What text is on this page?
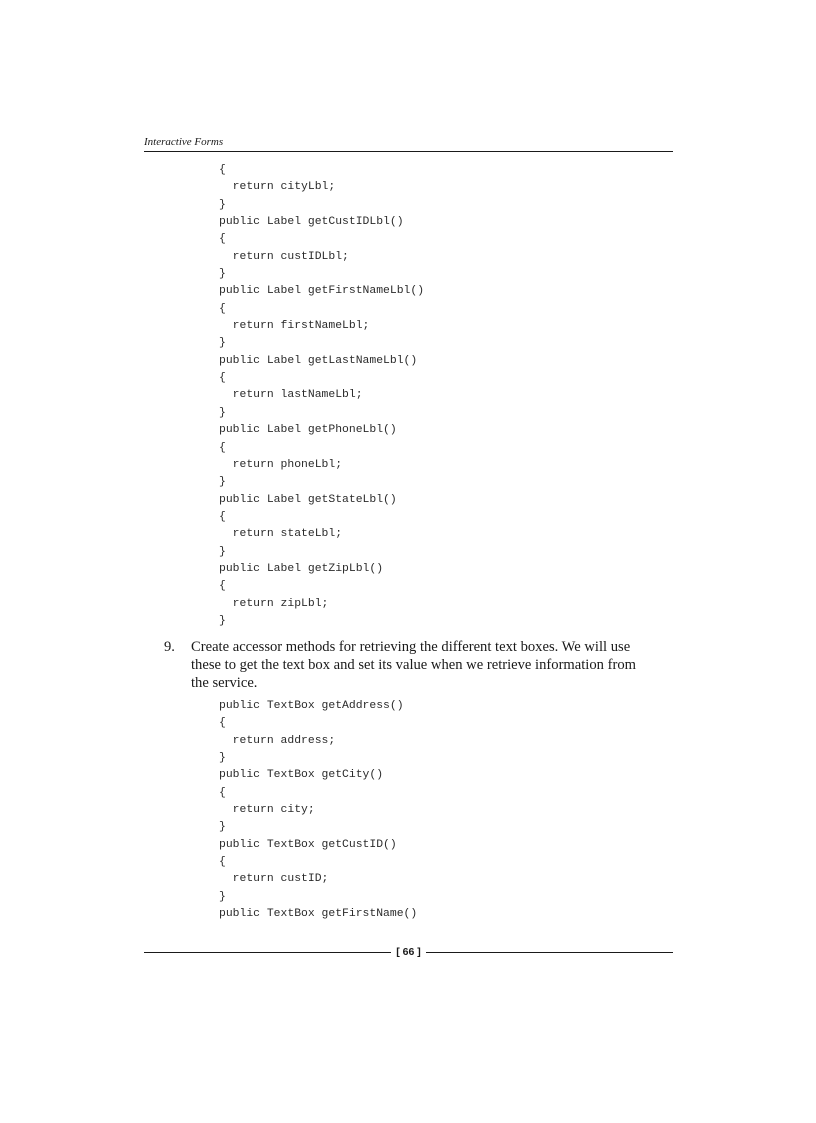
Interactive Forms
{
return cityLbl;
}
public Label getCustIDLbl()
{
return custIDLbl;
}
public Label getFirstNameLbl()
{
return firstNameLbl;
}
public Label getLastNameLbl()
{
return lastNameLbl;
}
public Label getPhoneLbl()
{
return phoneLbl;
}
public Label getStateLbl()
{
return stateLbl;
}
public Label getZipLbl()
{
return zipLbl;
}
9. Create accessor methods for retrieving the different text boxes. We will use
these to get the text box and set its value when we retrieve information from
the service.
public TextBox getAddress()
{
return address;
}
public TextBox getCity()
{
return city;
}
public TextBox getCustID()
{
return custID;
}
public TextBox getFirstName()
[ 66 ]
